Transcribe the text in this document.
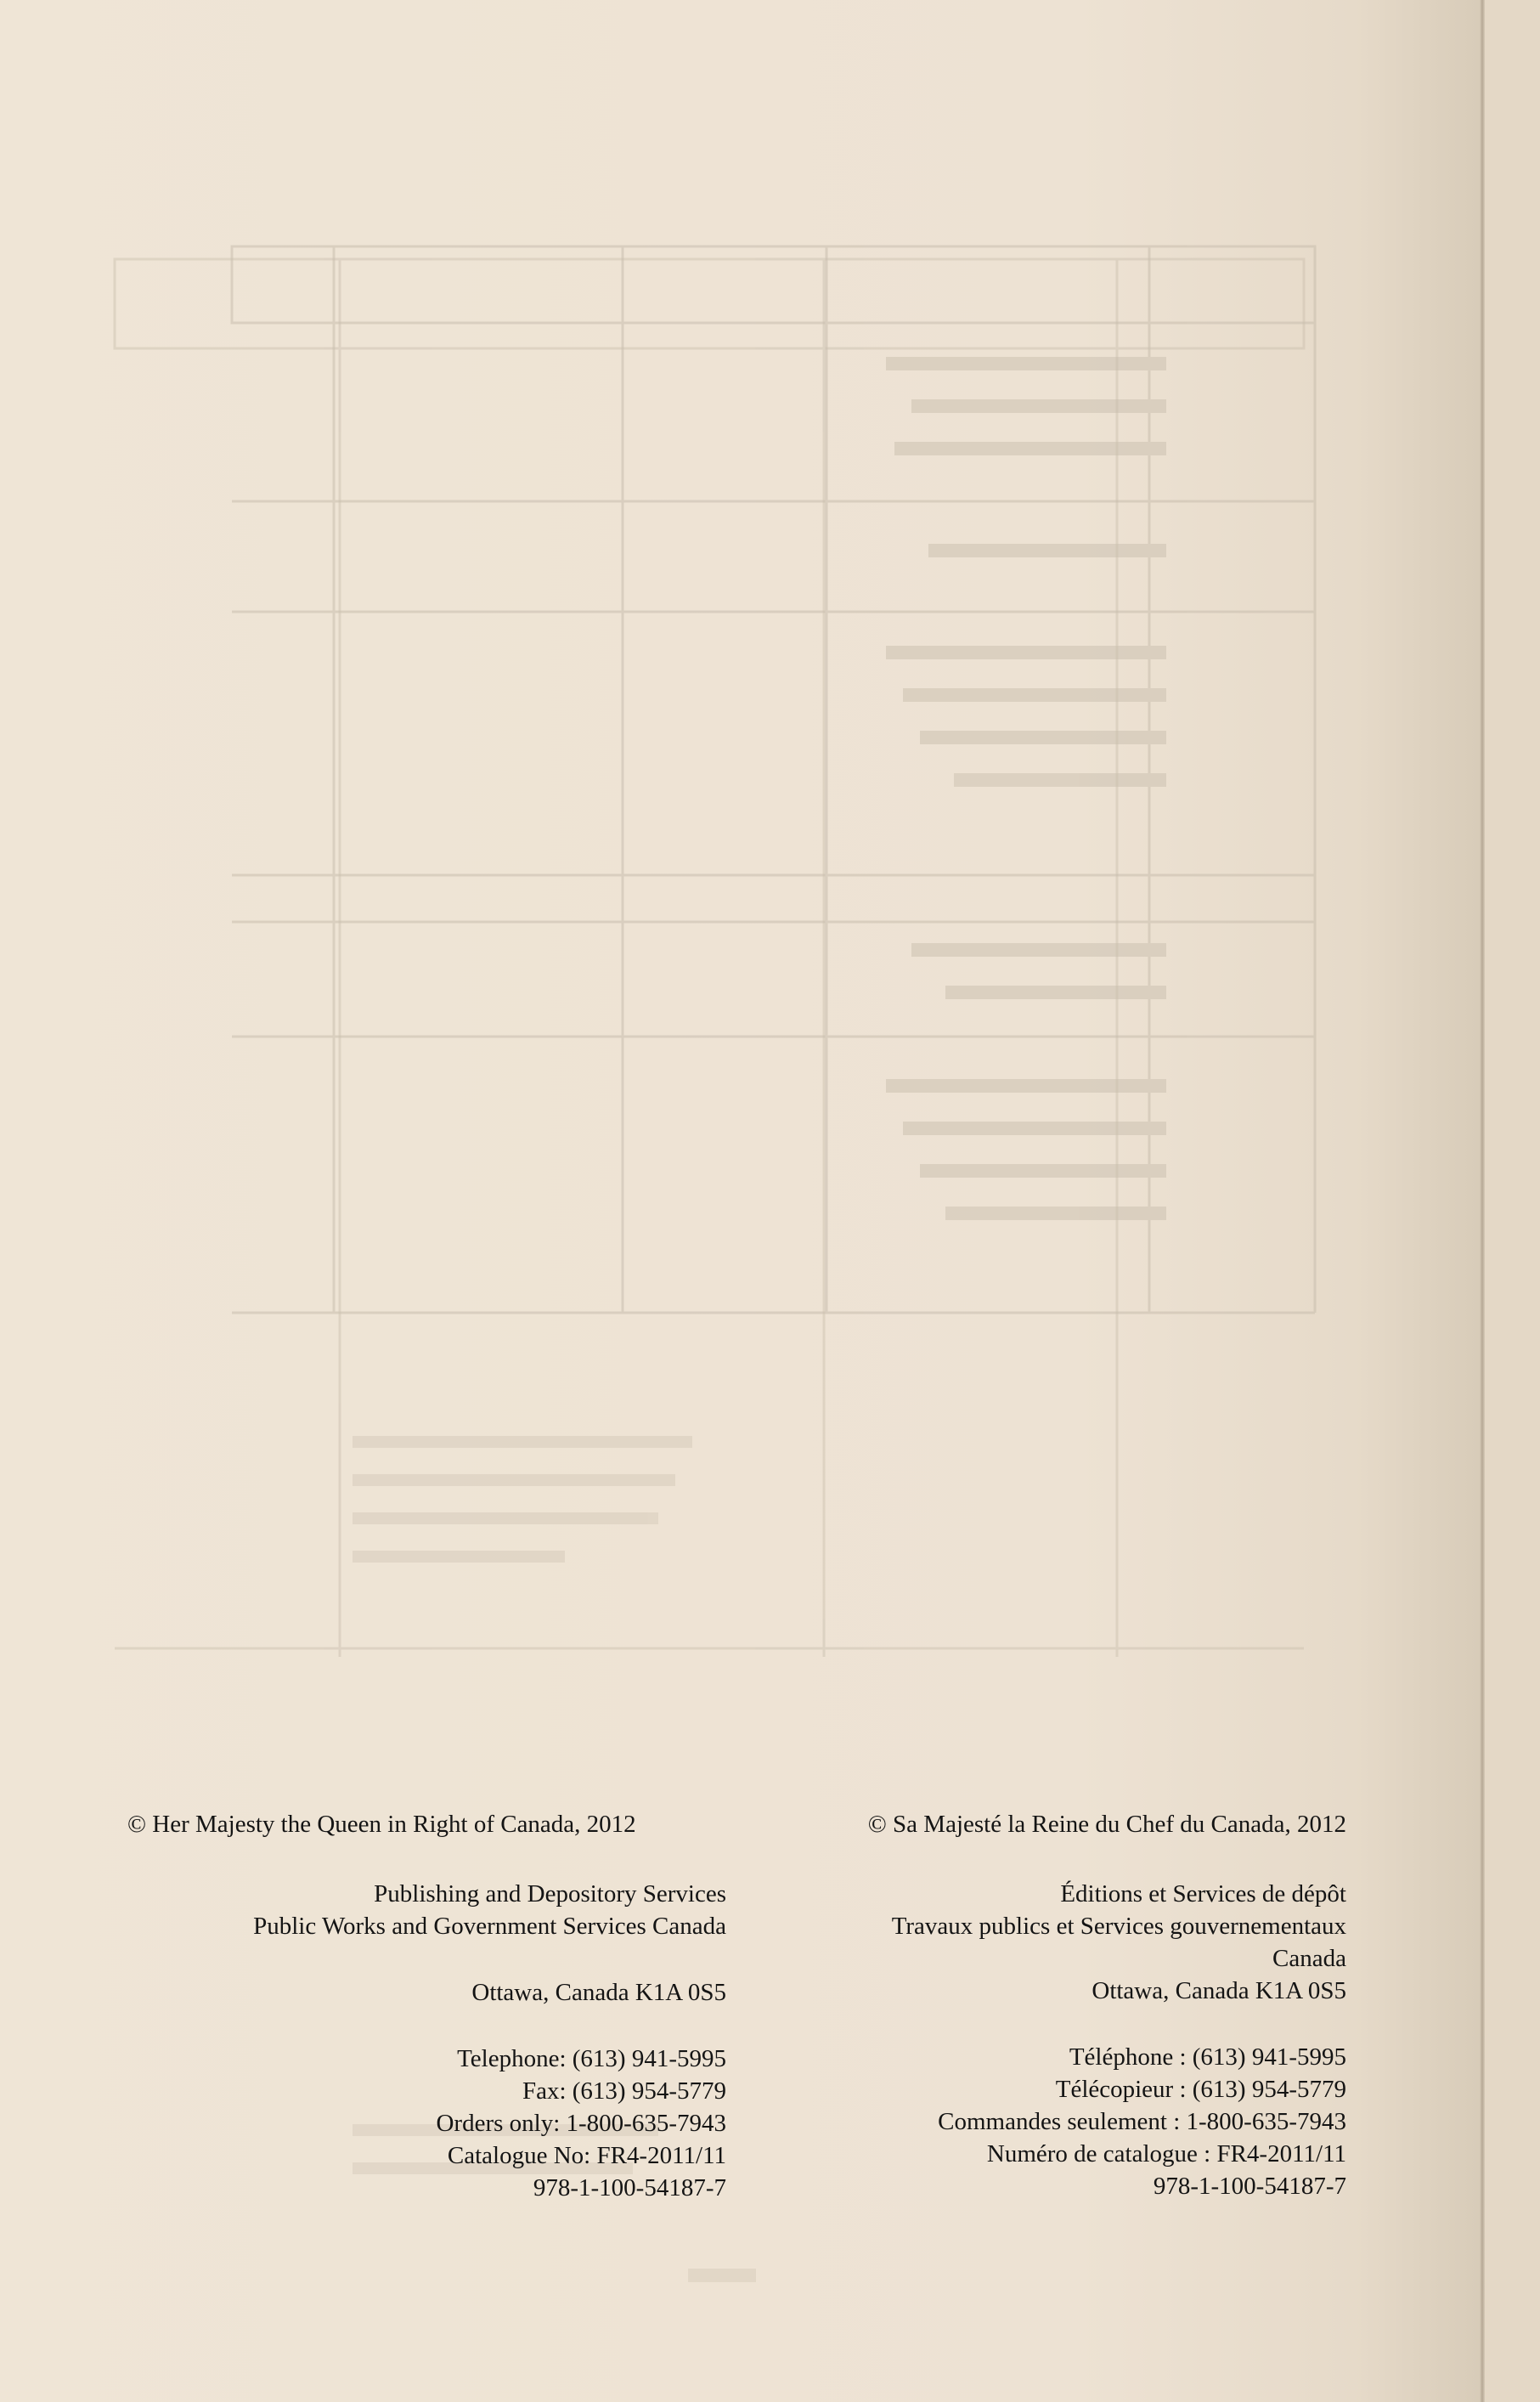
© Her Majesty the Queen in Right of Canada, 2012
Publishing and Depository Services
Public Works and Government Services Canada
Ottawa, Canada K1A 0S5
Telephone: (613) 941-5995
Fax: (613) 954-5779
Orders only: 1-800-635-7943
Catalogue No: FR4-2011/11
978-1-100-54187-7
© Sa Majesté la Reine du Chef du Canada, 2012
Éditions et Services de dépôt
Travaux publics et Services gouvernementaux
Canada
Ottawa, Canada K1A 0S5
Téléphone : (613) 941-5995
Télécopieur : (613) 954-5779
Commandes seulement : 1-800-635-7943
Numéro de catalogue : FR4-2011/11
978-1-100-54187-7
